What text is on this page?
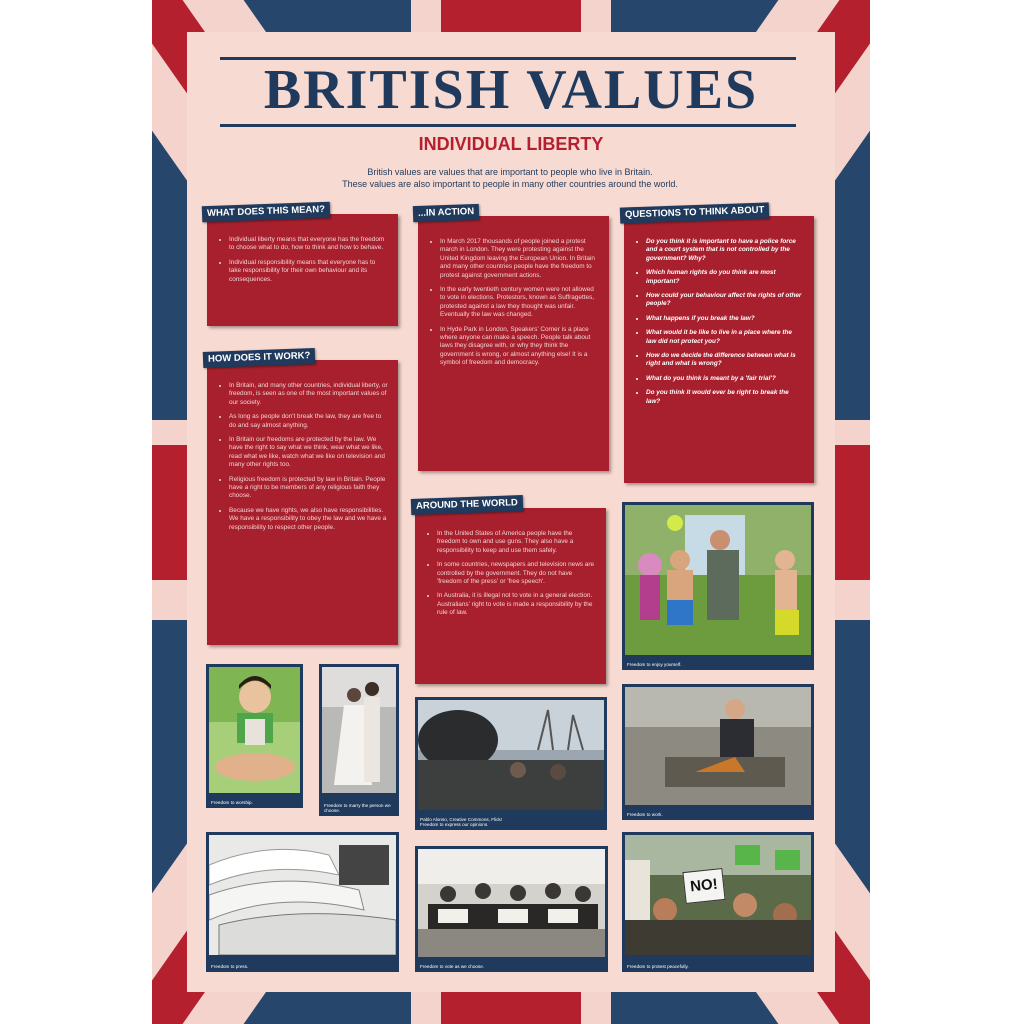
BRITISH VALUES
INDIVIDUAL LIBERTY
British values are values that are important to people who live in Britain.
These values are also important to people in many other countries around the world.
• Individual liberty means that everyone has the freedom to choose what to do, how to think and how to behave.
• Individual responsibility means that everyone has to take responsibility for their own behaviour and its consequences.
WHAT DOES THIS MEAN?
• In Britain, and many other countries, individual liberty, or freedom, is seen as one of the most important values of our society.
• As long as people don't break the law, they are free to do and say almost anything.
• In Britain our freedoms are protected by the law. We have the right to say what we think, wear what we like, read what we like, watch what we like on television and many other rights too.
• Religious freedom is protected by law in Britain. People have a right to be members of any religious faith they choose.
• Because we have rights, we also have responsibilities. We have a responsibility to obey the law and we have a responsibility to respect other people.
HOW DOES IT WORK?
• In March 2017 thousands of people joined a protest march in London. They were protesting against the United Kingdom leaving the European Union. In Britain and many other countries people have the freedom to protest against government actions.
• In the early twentieth century women were not allowed to vote in elections. Protestors, known as Suffragettes, protested against a law they thought was unfair. Eventually the law was changed.
• In Hyde Park in London, Speakers' Corner is a place where anyone can make a speech. People talk about laws they disagree with, or why they think the government is wrong, or almost anything else! It is a symbol of freedom and democracy.
...IN ACTION
• In the United States of America people have the freedom to own and use guns. They also have a responsibility to keep and use them safely.
• In some countries, newspapers and television news are controlled by the government. They do not have 'freedom of the press' or 'free speech'.
• In Australia, it is illegal not to vote in a general election. Australians' right to vote is made a responsibility by the rule of law.
AROUND THE WORLD
• Do you think it is important to have a police force and a court system that is not controlled by the government? Why?
• Which human rights do you think are most important?
• How could your behaviour affect the rights of other people?
• What happens if you break the law?
• What would it be like to live in a place where the law did not protect you?
• How do we decide the difference between what is right and what is wrong?
• What do you think is meant by a 'fair trial'?
• Do you think it would ever be right to break the law?
QUESTIONS TO THINK ABOUT
Freedom to enjoy yourself.
Freedom to worship.	Freedom to marry the person we choose.
Pablo Alonso, Creative Commons, Flickr
Freedom to express our opinions.
Freedom to work.
Freedom to press.	Freedom to vote as we choose.
NO!
Freedom to protest peacefully.
